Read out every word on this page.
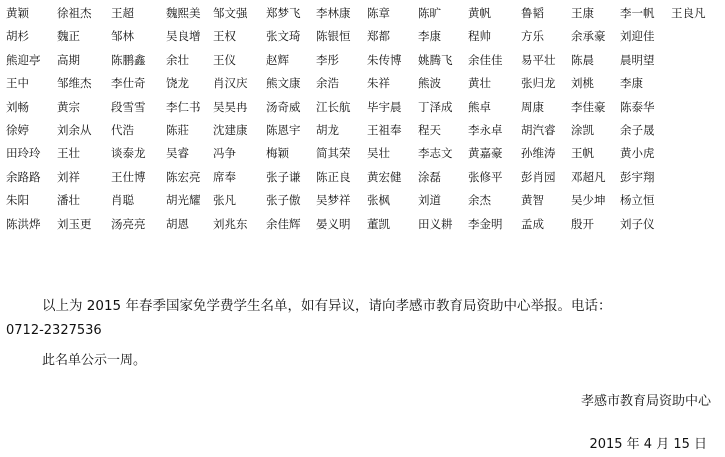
黄颖 徐祖杰 王超	魏熙美 邹文强 郑梦飞 李林康 陈章 陈旷 黄帆	鲁韬 王康 李一帆 王良凡
胡杉 魏正	邹林	吴良增 王权	张文琦 陈银恒 郑都 李康 程帅	方乐 余承豪 刘迎佳
熊迎亭 高期	陈鹏鑫 余壮 王仪	赵辉 李彤 朱传博 姚腾飞 余佳佳 易平壮 陈晨 晨明望
王中 邹维杰 李仕奇 饶龙 肖汉庆 熊文康 余浩 朱祥 熊波 黄壮	张归龙 刘桃 李康
刘畅 黄宗	段雪雪 李仁书 吴昊冉 汤奇威 江长航 毕宇晨 丁泽成 熊卓	周康 李佳豪 陈泰华
徐婷 刘余从 代浩	陈莊 沈建康 陈恩宇 胡龙 王祖奉 程天 李永卓 胡汽睿 涂凯 余子晟
田玲玲 王壮	谈泰龙 吴睿 冯争	梅颖 简其荣 吴壮 李志文 黄嘉豪 孙维涛 王帆 黄小虎
余路路 刘祥	王仕博 陈宏亮 席奉	张子谦 陈正良 黄宏健 涂磊 张修平 彭肖园 邓超凡 彭宇翔
朱阳 潘壮	肖聪	胡光耀 张凡	张子傲 吴梦祥 张枫 刘道 余杰	黄智 吴少坤 杨立恒
陈洪烨 刘玉更 汤亮亮 胡恩 刘兆东 余佳辉 晏义明 董凯 田义耕 李金明 孟成 殷开 刘子仪
以上为 2015 年春季国家免学费学生名单，如有异议，请向孝感市教育局资助中心举报。电话：
0712-2327536
此名单公示一周。
孝感市教育局资助中心
2015 年 4 月 15 日
